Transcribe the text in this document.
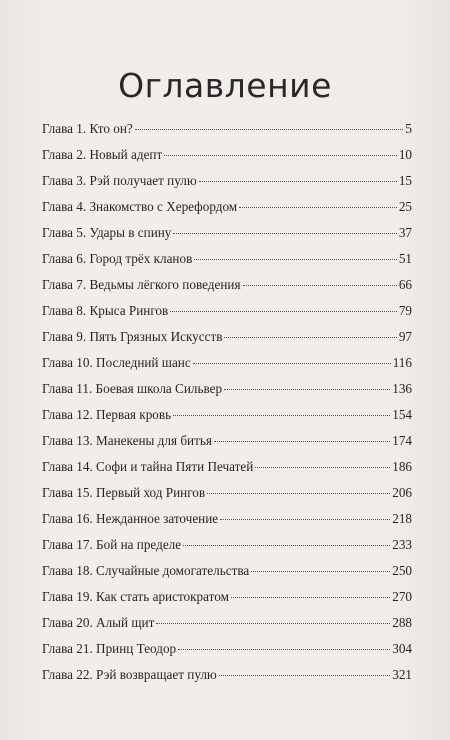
Оглавление
Глава 1. Кто он?	5
Глава 2. Новый адепт	10
Глава 3. Рэй получает пулю	15
Глава 4. Знакомство с Херефордом	25
Глава 5. Удары в спину	37
Глава 6. Город трёх кланов	51
Глава 7. Ведьмы лёгкого поведения	66
Глава 8. Крыса Рингов	79
Глава 9. Пять Грязных Искусств	97
Глава 10. Последний шанс	116
Глава 11. Боевая школа Сильвер	136
Глава 12. Первая кровь	154
Глава 13. Манекены для битья	174
Глава 14. Софи и тайна Пяти Печатей	186
Глава 15. Первый ход Рингов	206
Глава 16. Нежданное заточение	218
Глава 17. Бой на пределе	233
Глава 18. Случайные домогательства	250
Глава 19. Как стать аристократом	270
Глава 20. Алый щит	288
Глава 21. Принц Теодор	304
Глава 22. Рэй возвращает пулю	321
